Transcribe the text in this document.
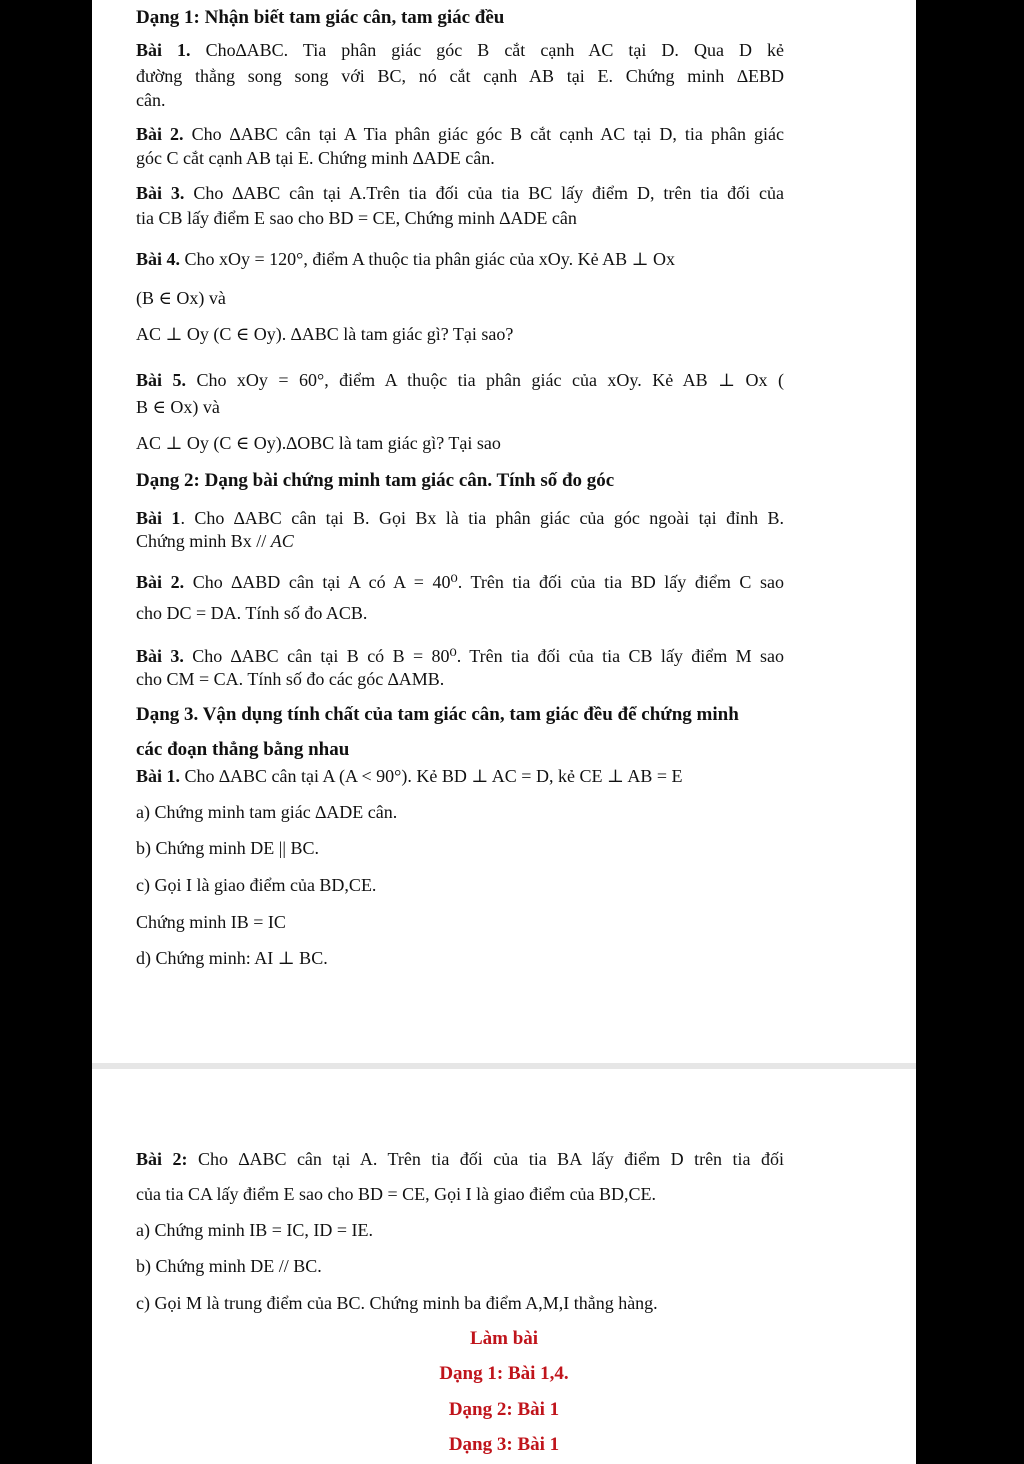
Dạng 1: Nhận biết tam giác cân, tam giác đều
Bài 1. Cho∆ABC. Tia phân giác góc B cắt cạnh AC tại D. Qua D kẻ
đường thẳng song song với BC, nó cắt cạnh AB tại E. Chứng minh ∆EBD
cân.
Bài 2. Cho ∆ABC cân tại A Tia phân giác góc B cắt cạnh AC tại D, tia phân giác
góc C cắt cạnh AB tại E. Chứng minh ∆ADE cân.
Bài 3. Cho ∆ABC cân tại A.Trên tia đối của tia BC lấy điểm D, trên tia đối của
tia CB lấy điểm E sao cho BD = CE, Chứng minh ∆ADE cân
Bài 4. Cho xOy = 120°, điểm A thuộc tia phân giác của xOy. Kẻ AB ⊥ Ox
(B ∈ Ox) và
AC ⊥ Oy (C ∈ Oy). ∆ABC là tam giác gì? Tại sao?
Bài 5. Cho xOy = 60°, điểm A thuộc tia phân giác của xOy. Kẻ AB ⊥ Ox (
B ∈ Ox) và
AC ⊥ Oy (C ∈ Oy).∆OBC là tam giác gì? Tại sao
Dạng 2: Dạng bài chứng minh tam giác cân. Tính số đo góc
Bài 1. Cho ∆ABC cân tại B. Gọi Bx là tia phân giác của góc ngoài tại đỉnh B.
Chứng minh Bx // AC
Bài 2. Cho ∆ABD cân tại A có A = 40⁰. Trên tia đối của tia BD lấy điểm C sao
cho DC = DA. Tính số đo ACB.
Bài 3. Cho ∆ABC cân tại B có B = 80⁰. Trên tia đối của tia CB lấy điểm M sao
cho CM = CA. Tính số đo các góc ∆AMB.
Dạng 3. Vận dụng tính chất của tam giác cân, tam giác đều để chứng minh
các đoạn thẳng bằng nhau
Bài 1. Cho ∆ABC cân tại A (A < 90°). Kẻ BD ⊥ AC = D, kẻ CE ⊥ AB = E
a) Chứng minh tam giác ∆ADE cân.
b) Chứng minh DE || BC.
c) Gọi I là giao điểm của BD,CE.
Chứng minh IB = IC
d) Chứng minh: AI ⊥ BC.
Bài 2: Cho ∆ABC cân tại A. Trên tia đối của tia BA lấy điểm D trên tia đối
của tia CA lấy điểm E sao cho BD = CE, Gọi I là giao điểm của BD,CE.
a) Chứng minh IB = IC, ID = IE.
b) Chứng minh DE // BC.
c) Gọi M là trung điểm của BC. Chứng minh ba điểm A,M,I thẳng hàng.
Làm bài
Dạng 1: Bài 1,4.
Dạng 2: Bài 1
Dạng 3: Bài 1
